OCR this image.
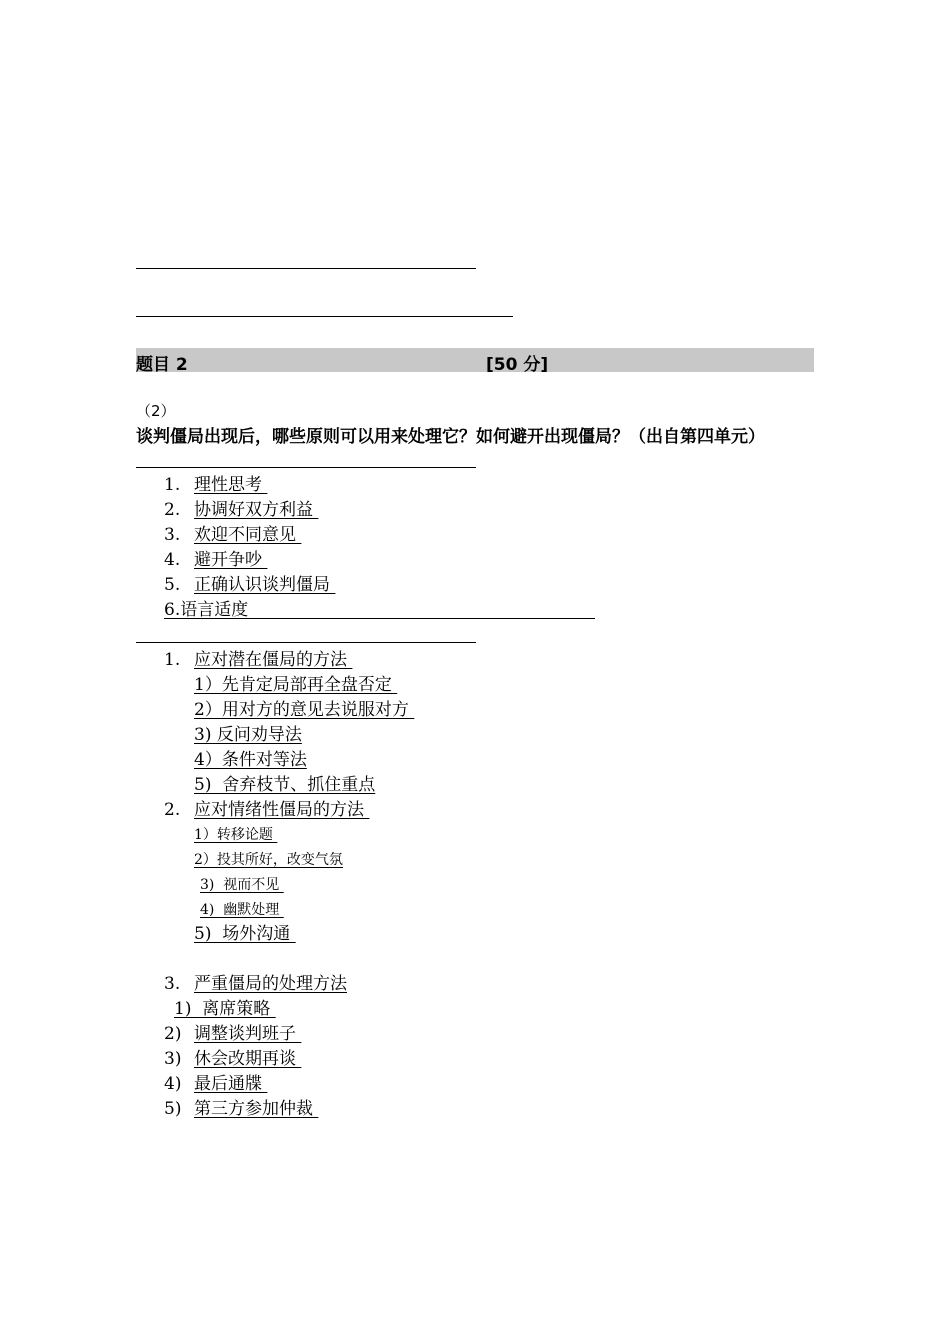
题目 2	[50 分]
（2）谈判僵局出现后，哪些原则可以用来处理它？如何避开出现僵局？（出自第四单元）
1. 理性思考
2. 协调好双方利益
3. 欢迎不同意见
4. 避开争吵
5. 正确认识谈判僵局
6.语言适度
1. 应对潜在僵局的方法
1）先肯定局部再全盘否定
2）用对方的意见去说服对方
3) 反问劝导法
4）条件对等法
5)  舍弃枝节、抓住重点
2. 应对情绪性僵局的方法
1）转移论题
2）投其所好，改变气氛
3)  视而不见
4)  幽默处理
5)  场外沟通
3. 严重僵局的处理方法
1)  离席策略
2) 调整谈判班子
3) 休会改期再谈
4) 最后通牒
5) 第三方参加仲裁
